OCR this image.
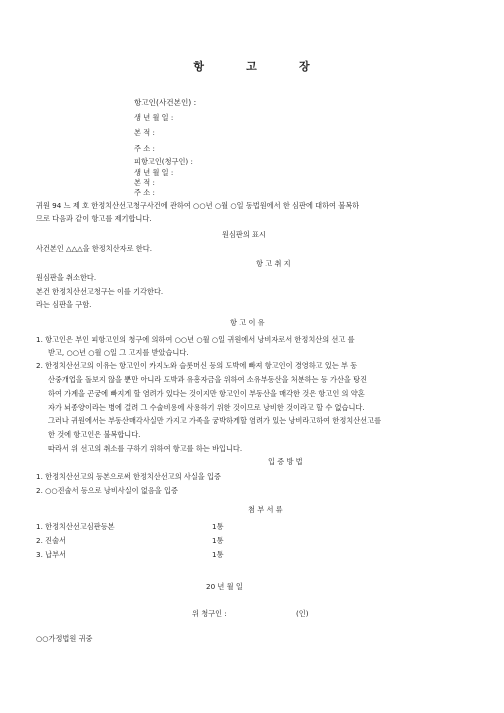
항	고	장
항고인(사건본인) :
생 년 월 일 :
본 적 :
주 소 :
피항고인(청구인) :
생 년 월 일 :
본 적 :
주 소 :
귀원 94 느 제 호 한정치산선고청구사건에 관하여 ○○년 ○월 ○일 동법원에서 한 심판에 대하여 불복하
므로 다음과 같이 항고를 제기합니다.
원심판의 표시
사건본인 △△△을 한정치산자로 한다.
항 고 취 지
원심판을 취소한다.
본건 한정치산선고청구는 이를 기각한다.
라는 심판을 구함.
항 고 이 유
1. 항고인은 부인 피항고인의 청구에 의하여 ○○년 ○월 ○일 귀원에서 낭비자로서 한정치산의 선고 를
받고, ○○년 ○월 ○일 그 고지를 받았습니다.
2. 한정치산선고의 이유는 항고인이 카지노와 슬롯머신 등의 도박에 빠져 항고인이 경영하고 있는 부 동
산중개업을 돌보지 않을 뿐만 아니라 도박과 유흥자금을 위하여 소유부동산을 처분하는 등 가산을 탕진
하여 가계을 곤궁에 빠지게 할 염려가 있다는 것이지만 항고인이 부동산을 매각한 것은 항고인 의 약혼
자가 뇌종양이라는 병에 걸려 그 수술비용에 사용하기 위한 것이므로 낭비한 것이라고 할 수 없습니다.
그러나 귀원에서는 부동산매각사실만 가지고 가족을 궁박하게할 염려가 있는 낭비라고하여 한정치산선고를
한 것에 항고인은 불복합니다.
따라서 위 선고의 취소를 구하기 위하여 항고를 하는 바입니다.
입 증 방 법
1. 한정치산선고의 등본으로써 한정치산선고의 사실을 입증
2. ○○진술서 등으로 낭비사실이 없음을 입증
첨 부 서 류
1. 한정치산선고심판등본	1통
2. 진술서	1통
3. 납부서	1통
20 년 월 일
위 청구인 :	(인)
○○가정법원 귀중
